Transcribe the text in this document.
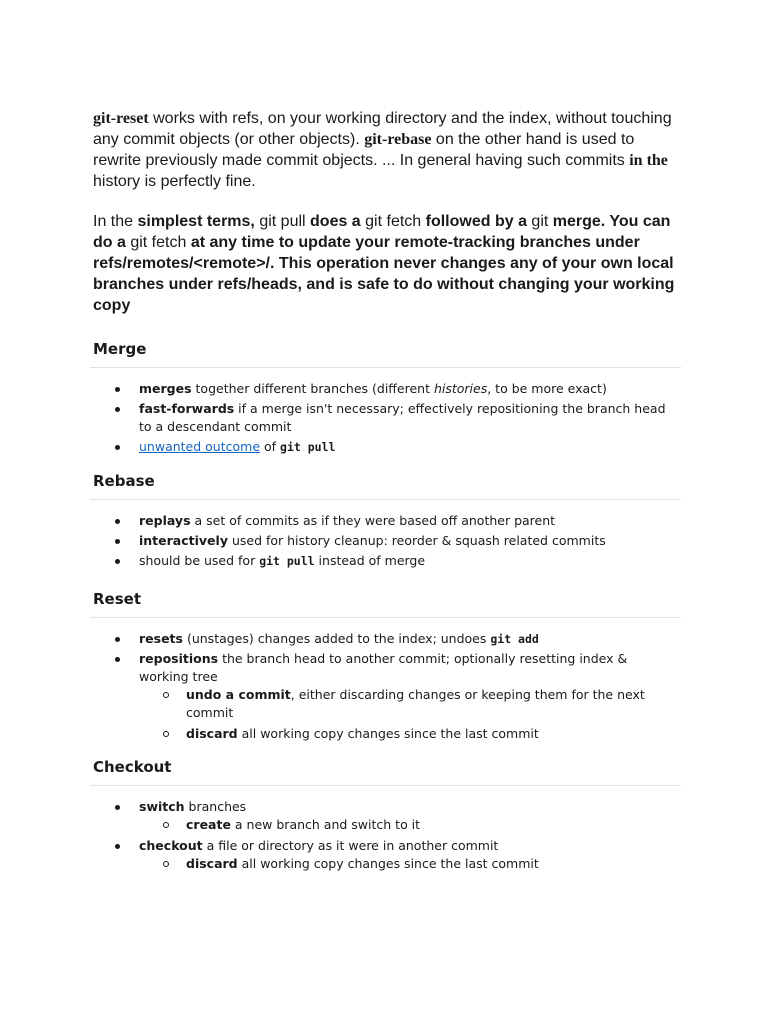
git-reset works with refs, on your working directory and the index, without touching any commit objects (or other objects). git-rebase on the other hand is used to rewrite previously made commit objects. ... In general having such commits in the history is perfectly fine.

In the simplest terms, git pull does a git fetch followed by a git merge. You can do a git fetch at any time to update your remote-tracking branches under refs/remotes/<remote>/. This operation never changes any of your own local branches under refs/heads, and is safe to do without changing your working copy

Merge
merges together different branches (different histories, to be more exact)
fast-forwards if a merge isn't necessary; effectively repositioning the branch head to a descendant commit
unwanted outcome of git pull
Rebase
replays a set of commits as if they were based off another parent
interactively used for history cleanup: reorder & squash related commits
should be used for git pull instead of merge
Reset
resets (unstages) changes added to the index; undoes git add
repositions the branch head to another commit; optionally resetting index & working tree
undo a commit, either discarding changes or keeping them for the next commit
discard all working copy changes since the last commit
Checkout
switch branches
create a new branch and switch to it
checkout a file or directory as it were in another commit
discard all working copy changes since the last commit
